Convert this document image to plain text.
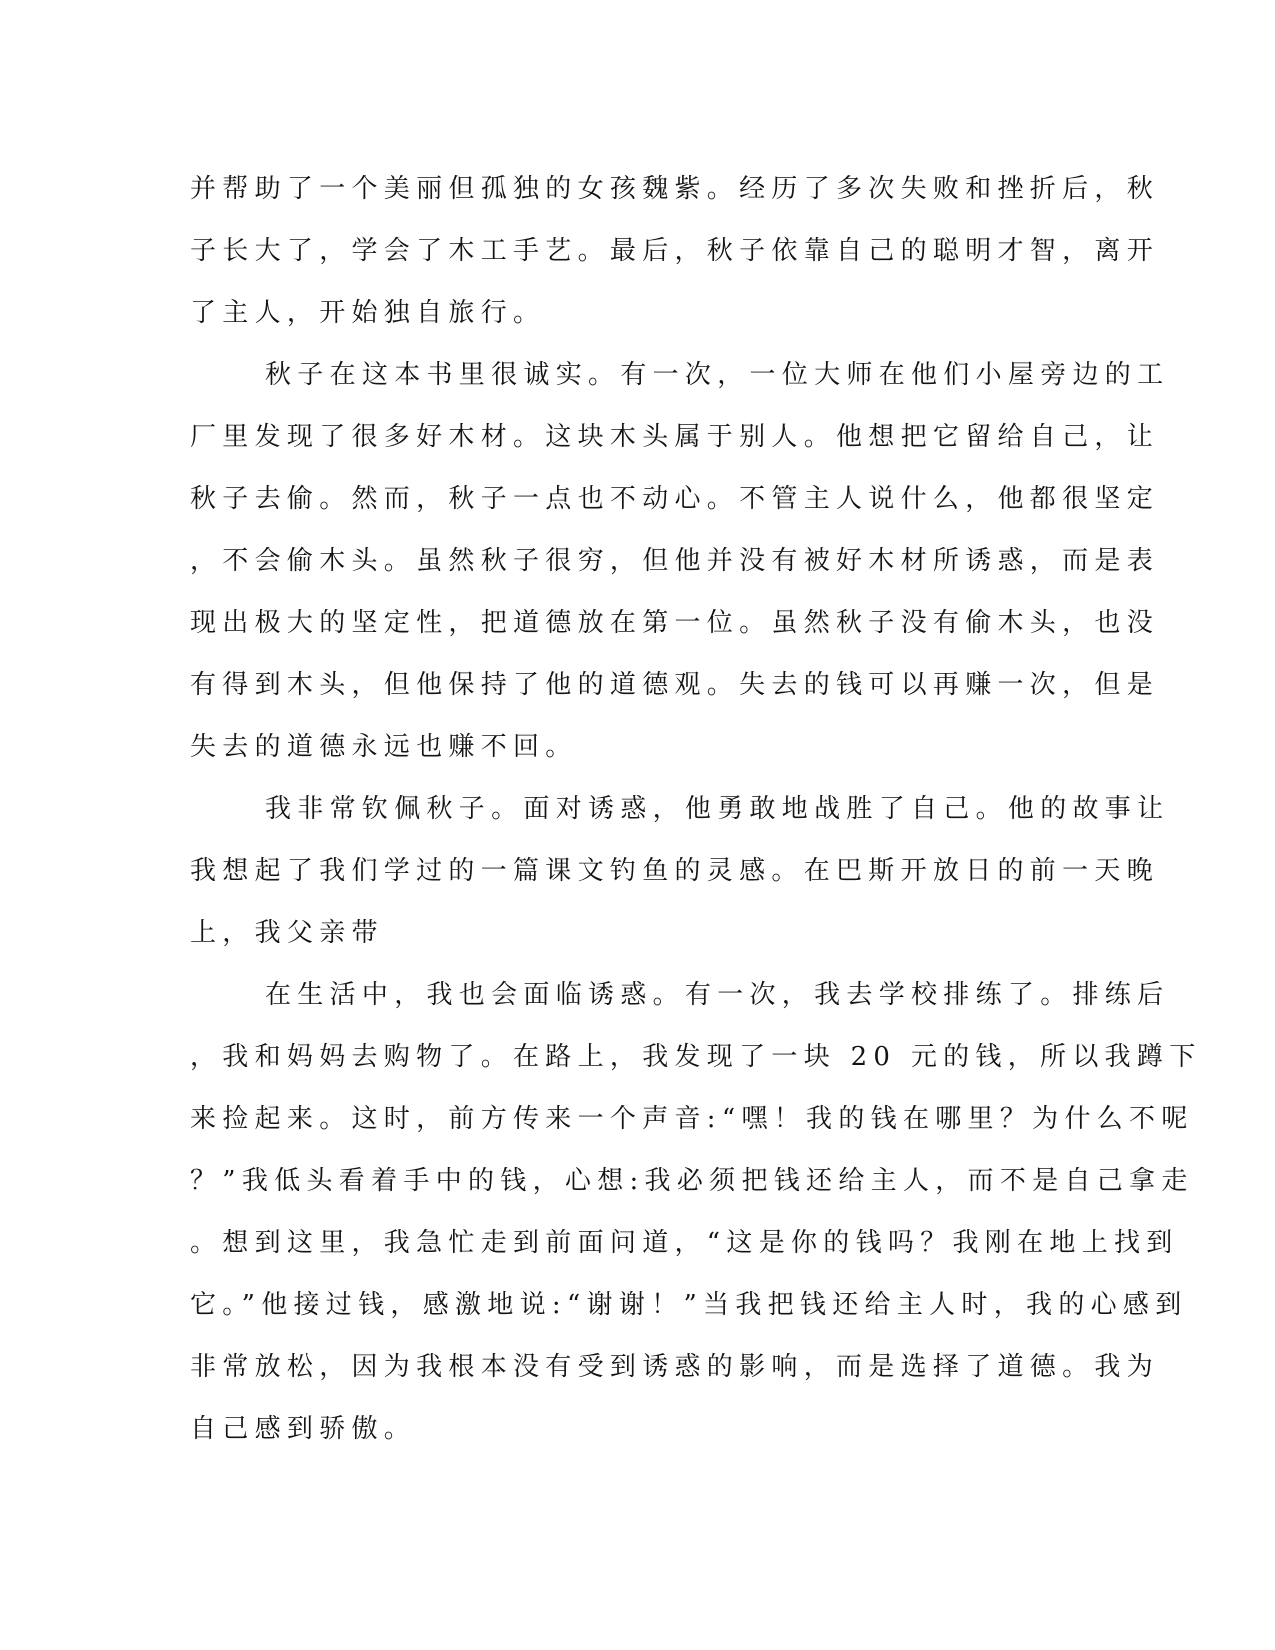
并帮助了一个美丽但孤独的女孩魏紫。经历了多次失败和挫折后，秋
子长大了，学会了木工手艺。最后，秋子依靠自己的聪明才智，离开
了主人，开始独自旅行。
秋子在这本书里很诚实。有一次，一位大师在他们小屋旁边的工
厂里发现了很多好木材。这块木头属于别人。他想把它留给自己，让
秋子去偷。然而，秋子一点也不动心。不管主人说什么，他都很坚定
，不会偷木头。虽然秋子很穷，但他并没有被好木材所诱惑，而是表
现出极大的坚定性，把道德放在第一位。虽然秋子没有偷木头，也没
有得到木头，但他保持了他的道德观。失去的钱可以再赚一次，但是
失去的道德永远也赚不回。
我非常钦佩秋子。面对诱惑，他勇敢地战胜了自己。他的故事让
我想起了我们学过的一篇课文钓鱼的灵感。在巴斯开放日的前一天晚
上，我父亲带
在生活中，我也会面临诱惑。有一次，我去学校排练了。排练后
，我和妈妈去购物了。在路上，我发现了一块 20 元的钱，所以我蹲下
来捡起来。这时，前方传来一个声音:“嘿！我的钱在哪里？为什么不呢
？”我低头看着手中的钱，心想:我必须把钱还给主人，而不是自己拿走
。想到这里，我急忙走到前面问道，“这是你的钱吗？我刚在地上找到
它。”他接过钱，感激地说:“谢谢！”当我把钱还给主人时，我的心感到
非常放松，因为我根本没有受到诱惑的影响，而是选择了道德。我为
自己感到骄傲。
